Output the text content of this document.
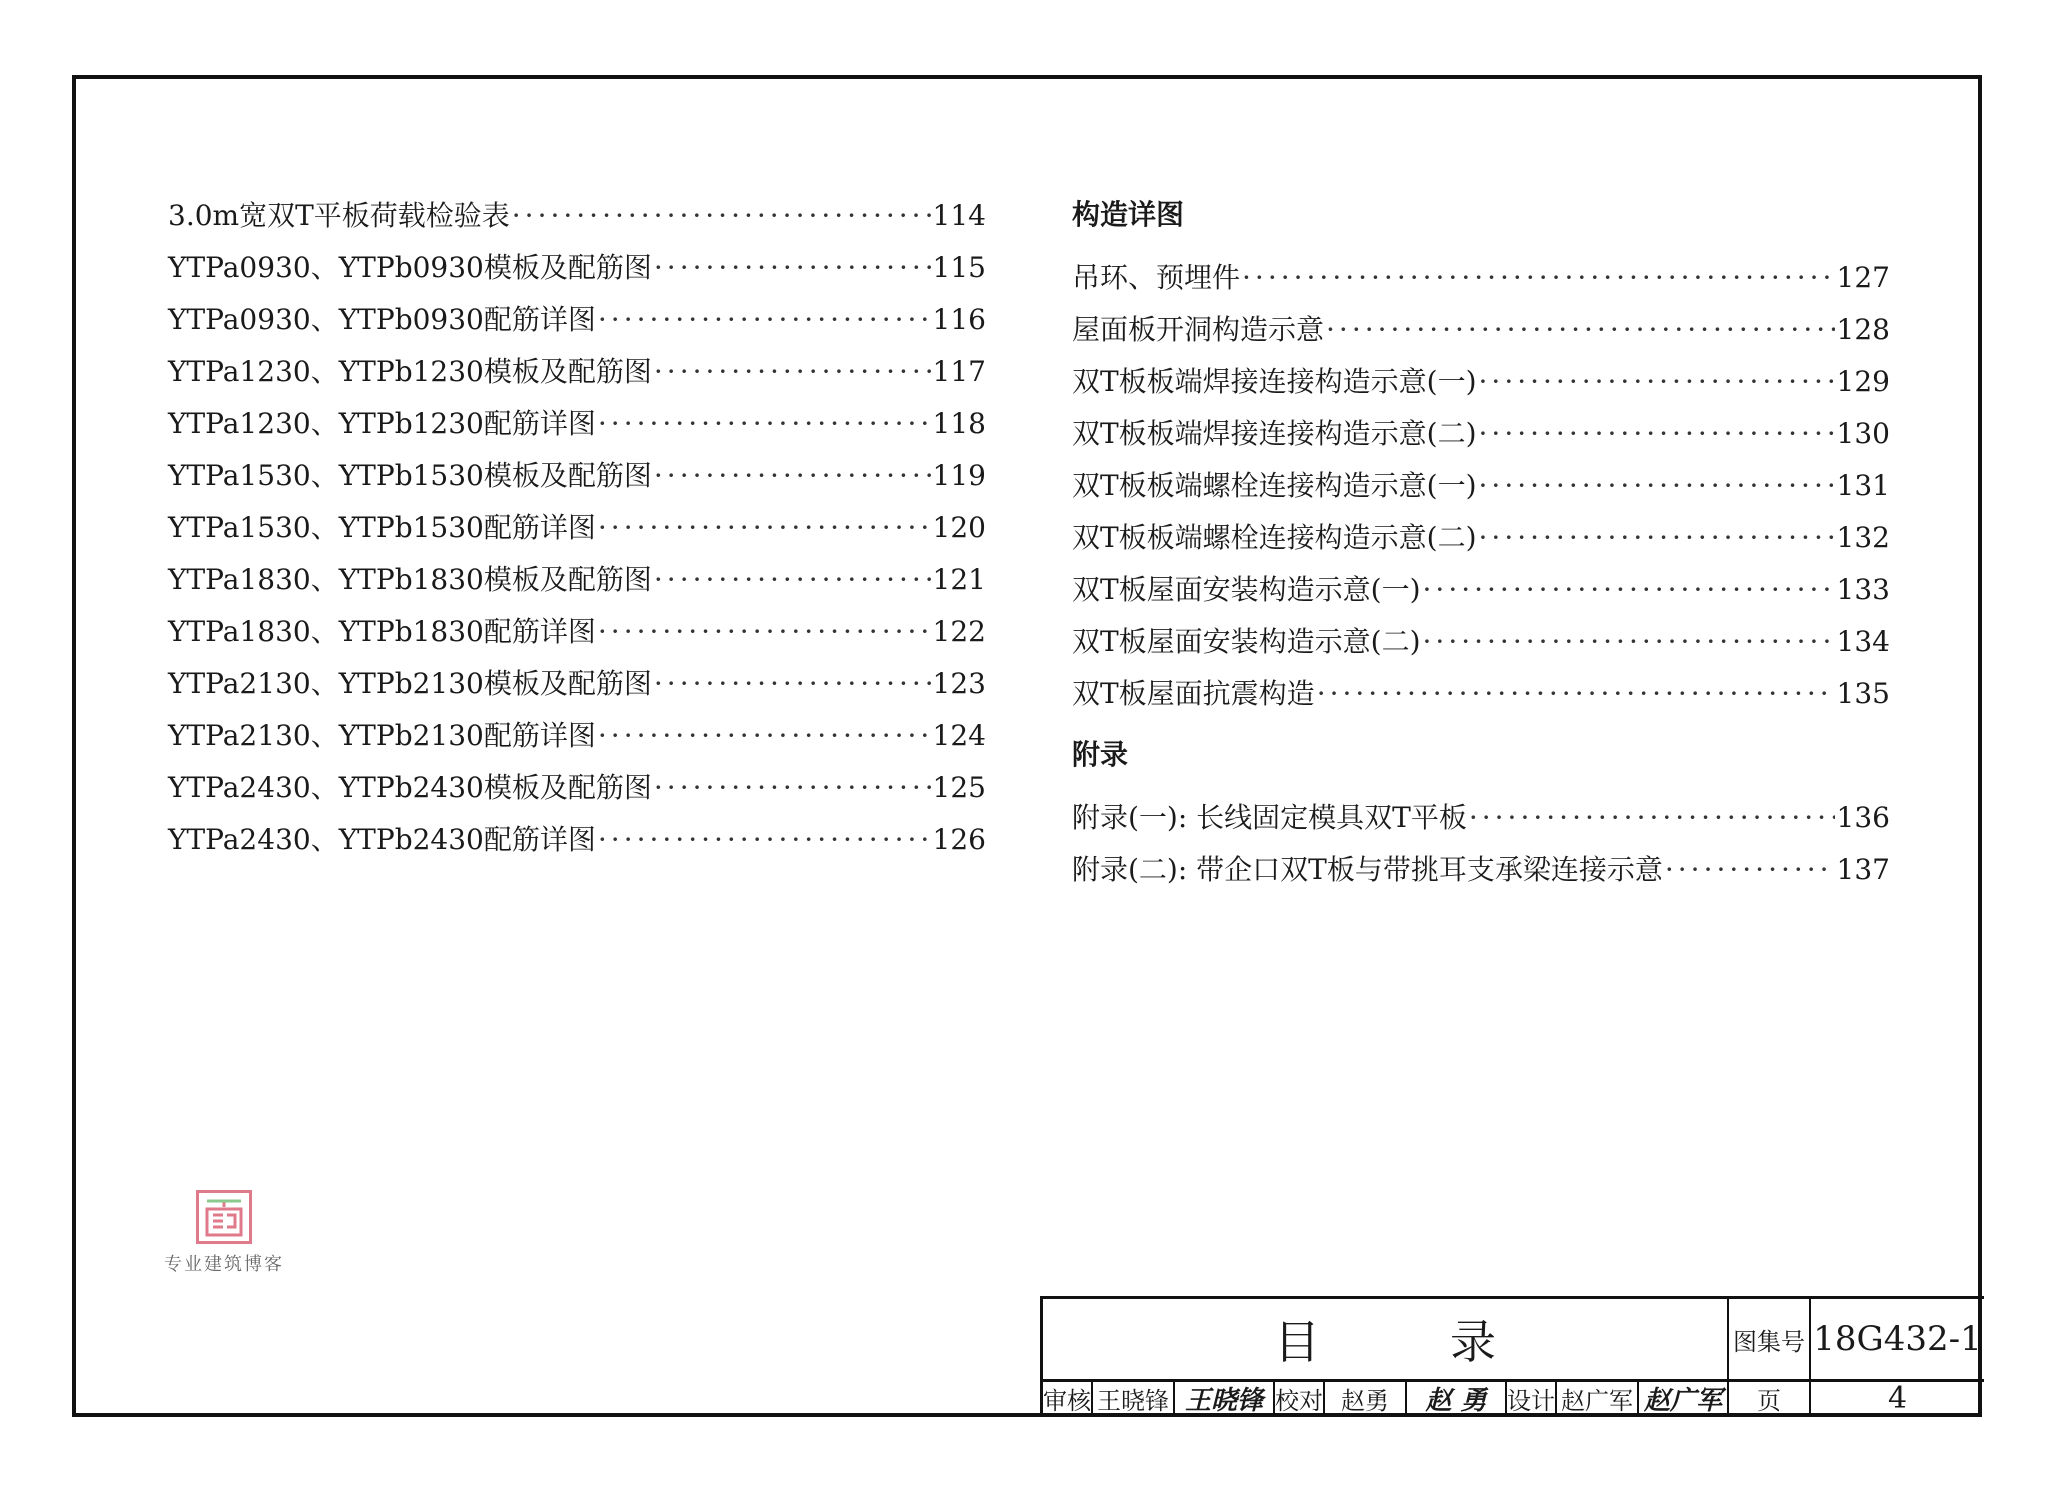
3.0m宽双T平板荷载检验表 ·····	114
YTPa0930、YTPb0930模板及配筋图 ·····	115
YTPa0930、YTPb0930配筋详图 ·····	116
YTPa1230、YTPb1230模板及配筋图 ·····	117
YTPa1230、YTPb1230配筋详图 ·····	118
YTPa1530、YTPb1530模板及配筋图 ·····	119
YTPa1530、YTPb1530配筋详图 ·····	120
YTPa1830、YTPb1830模板及配筋图 ·····	121
YTPa1830、YTPb1830配筋详图 ·····	122
YTPa2130、YTPb2130模板及配筋图 ·····	123
YTPa2130、YTPb2130配筋详图 ·····	124
YTPa2430、YTPb2430模板及配筋图 ·····	125
YTPa2430、YTPb2430配筋详图 ·····	126
构造详图
吊环、预埋件 ·····	127
屋面板开洞构造示意 ·····	128
双T板板端焊接连接构造示意(一) ·····	129
双T板板端焊接连接构造示意(二) ·····	130
双T板板端螺栓连接构造示意(一) ·····	131
双T板板端螺栓连接构造示意(二) ·····	132
双T板屋面安装构造示意(一) ·····	133
双T板屋面安装构造示意(二) ·····	134
双T板屋面抗震构造 ·····	135
附录
附录(一): 长线固定模具双T平板 ·····	136
附录(二): 带企口双T板与带挑耳支承梁连接示意 ·····	137
专业建筑博客
目录	图集号 18G432-1
审核 王晓锋 王晓锋 校对 赵勇	赵 勇 设计 赵广军 赵广军	页	4
